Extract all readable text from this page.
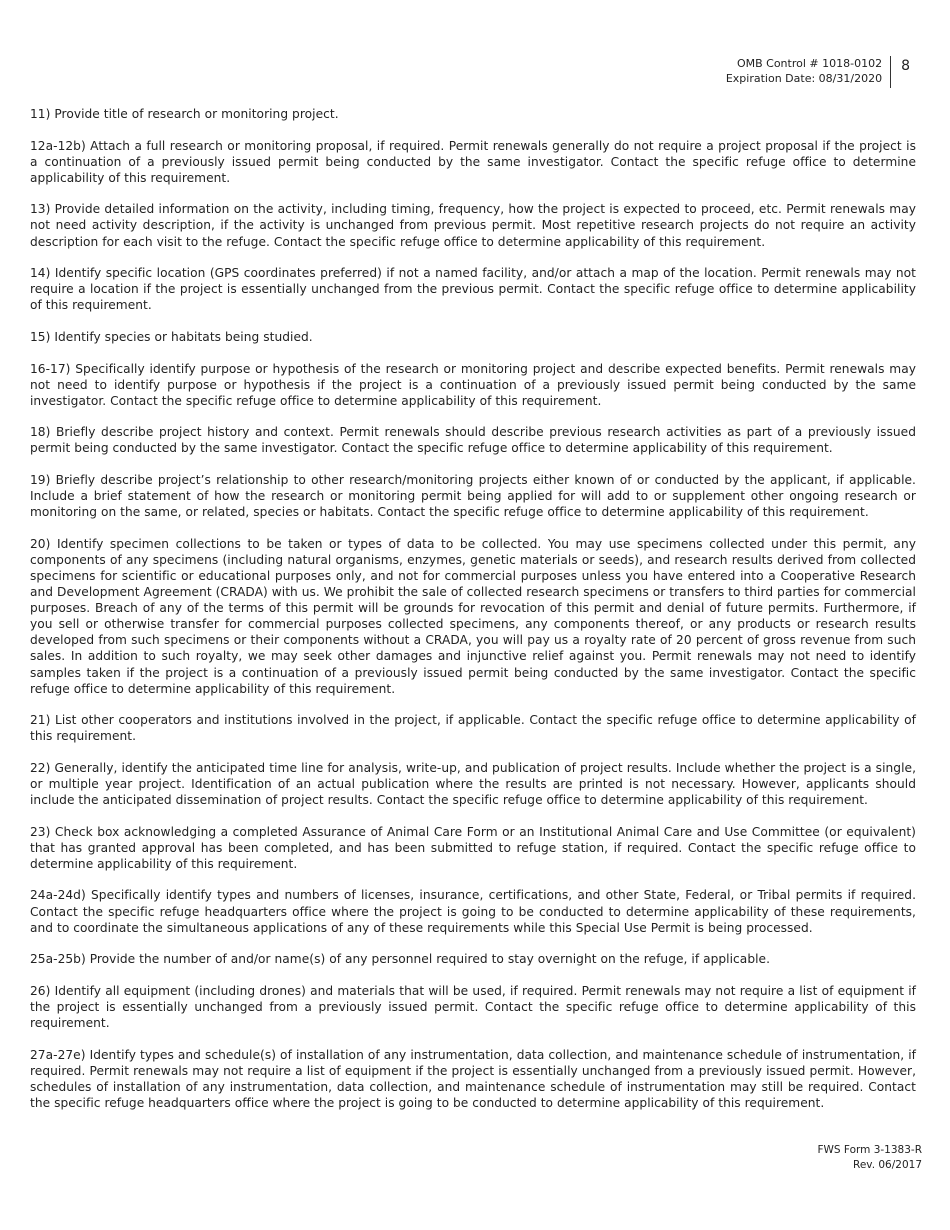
OMB Control # 1018-0102
Expiration Date: 08/31/2020
8

11) Provide title of research or monitoring project.

12a-12b) Attach a full research or monitoring proposal, if required. Permit renewals generally do not require a project proposal if the project is a continuation of a previously issued permit being conducted by the same investigator. Contact the specific refuge office to determine applicability of this requirement.

13) Provide detailed information on the activity, including timing, frequency, how the project is expected to proceed, etc. Permit renewals may not need activity description, if the activity is unchanged from previous permit. Most repetitive research projects do not require an activity description for each visit to the refuge. Contact the specific refuge office to determine applicability of this requirement.

14) Identify specific location (GPS coordinates preferred) if not a named facility, and/or attach a map of the location. Permit renewals may not require a location if the project is essentially unchanged from the previous permit. Contact the specific refuge office to determine applicability of this requirement.

15) Identify species or habitats being studied.

16-17) Specifically identify purpose or hypothesis of the research or monitoring project and describe expected benefits. Permit renewals may not need to identify purpose or hypothesis if the project is a continuation of a previously issued permit being conducted by the same investigator. Contact the specific refuge office to determine applicability of this requirement.

18) Briefly describe project history and context. Permit renewals should describe previous research activities as part of a previously issued permit being conducted by the same investigator. Contact the specific refuge office to determine applicability of this requirement.

19) Briefly describe project’s relationship to other research/monitoring projects either known of or conducted by the applicant, if applicable. Include a brief statement of how the research or monitoring permit being applied for will add to or supplement other ongoing research or monitoring on the same, or related, species or habitats. Contact the specific refuge office to determine applicability of this requirement.

20) Identify specimen collections to be taken or types of data to be collected. You may use specimens collected under this permit, any components of any specimens (including natural organisms, enzymes, genetic materials or seeds), and research results derived from collected specimens for scientific or educational purposes only, and not for commercial purposes unless you have entered into a Cooperative Research and Development Agreement (CRADA) with us. We prohibit the sale of collected research specimens or transfers to third parties for commercial purposes. Breach of any of the terms of this permit will be grounds for revocation of this permit and denial of future permits. Furthermore, if you sell or otherwise transfer for commercial purposes collected specimens, any components thereof, or any products or research results developed from such specimens or their components without a CRADA, you will pay us a royalty rate of 20 percent of gross revenue from such sales. In addition to such royalty, we may seek other damages and injunctive relief against you. Permit renewals may not need to identify samples taken if the project is a continuation of a previously issued permit being conducted by the same investigator. Contact the specific refuge office to determine applicability of this requirement.

21) List other cooperators and institutions involved in the project, if applicable. Contact the specific refuge office to determine applicability of this requirement.

22) Generally, identify the anticipated time line for analysis, write-up, and publication of project results. Include whether the project is a single, or multiple year project. Identification of an actual publication where the results are printed is not necessary. However, applicants should include the anticipated dissemination of project results. Contact the specific refuge office to determine applicability of this requirement.

23) Check box acknowledging a completed Assurance of Animal Care Form or an Institutional Animal Care and Use Committee (or equivalent) that has granted approval has been completed, and has been submitted to refuge station, if required. Contact the specific refuge office to determine applicability of this requirement.

24a-24d) Specifically identify types and numbers of licenses, insurance, certifications, and other State, Federal, or Tribal permits if required. Contact the specific refuge headquarters office where the project is going to be conducted to determine applicability of these requirements, and to coordinate the simultaneous applications of any of these requirements while this Special Use Permit is being processed.

25a-25b) Provide the number of and/or name(s) of any personnel required to stay overnight on the refuge, if applicable.

26) Identify all equipment (including drones) and materials that will be used, if required. Permit renewals may not require a list of equipment if the project is essentially unchanged from a previously issued permit. Contact the specific refuge office to determine applicability of this requirement.

27a-27e) Identify types and schedule(s) of installation of any instrumentation, data collection, and maintenance schedule of instrumentation, if required. Permit renewals may not require a list of equipment if the project is essentially unchanged from a previously issued permit. However, schedules of installation of any instrumentation, data collection, and maintenance schedule of instrumentation may still be required. Contact the specific refuge headquarters office where the project is going to be conducted to determine applicability of this requirement.

FWS Form 3-1383-R
Rev. 06/2017
